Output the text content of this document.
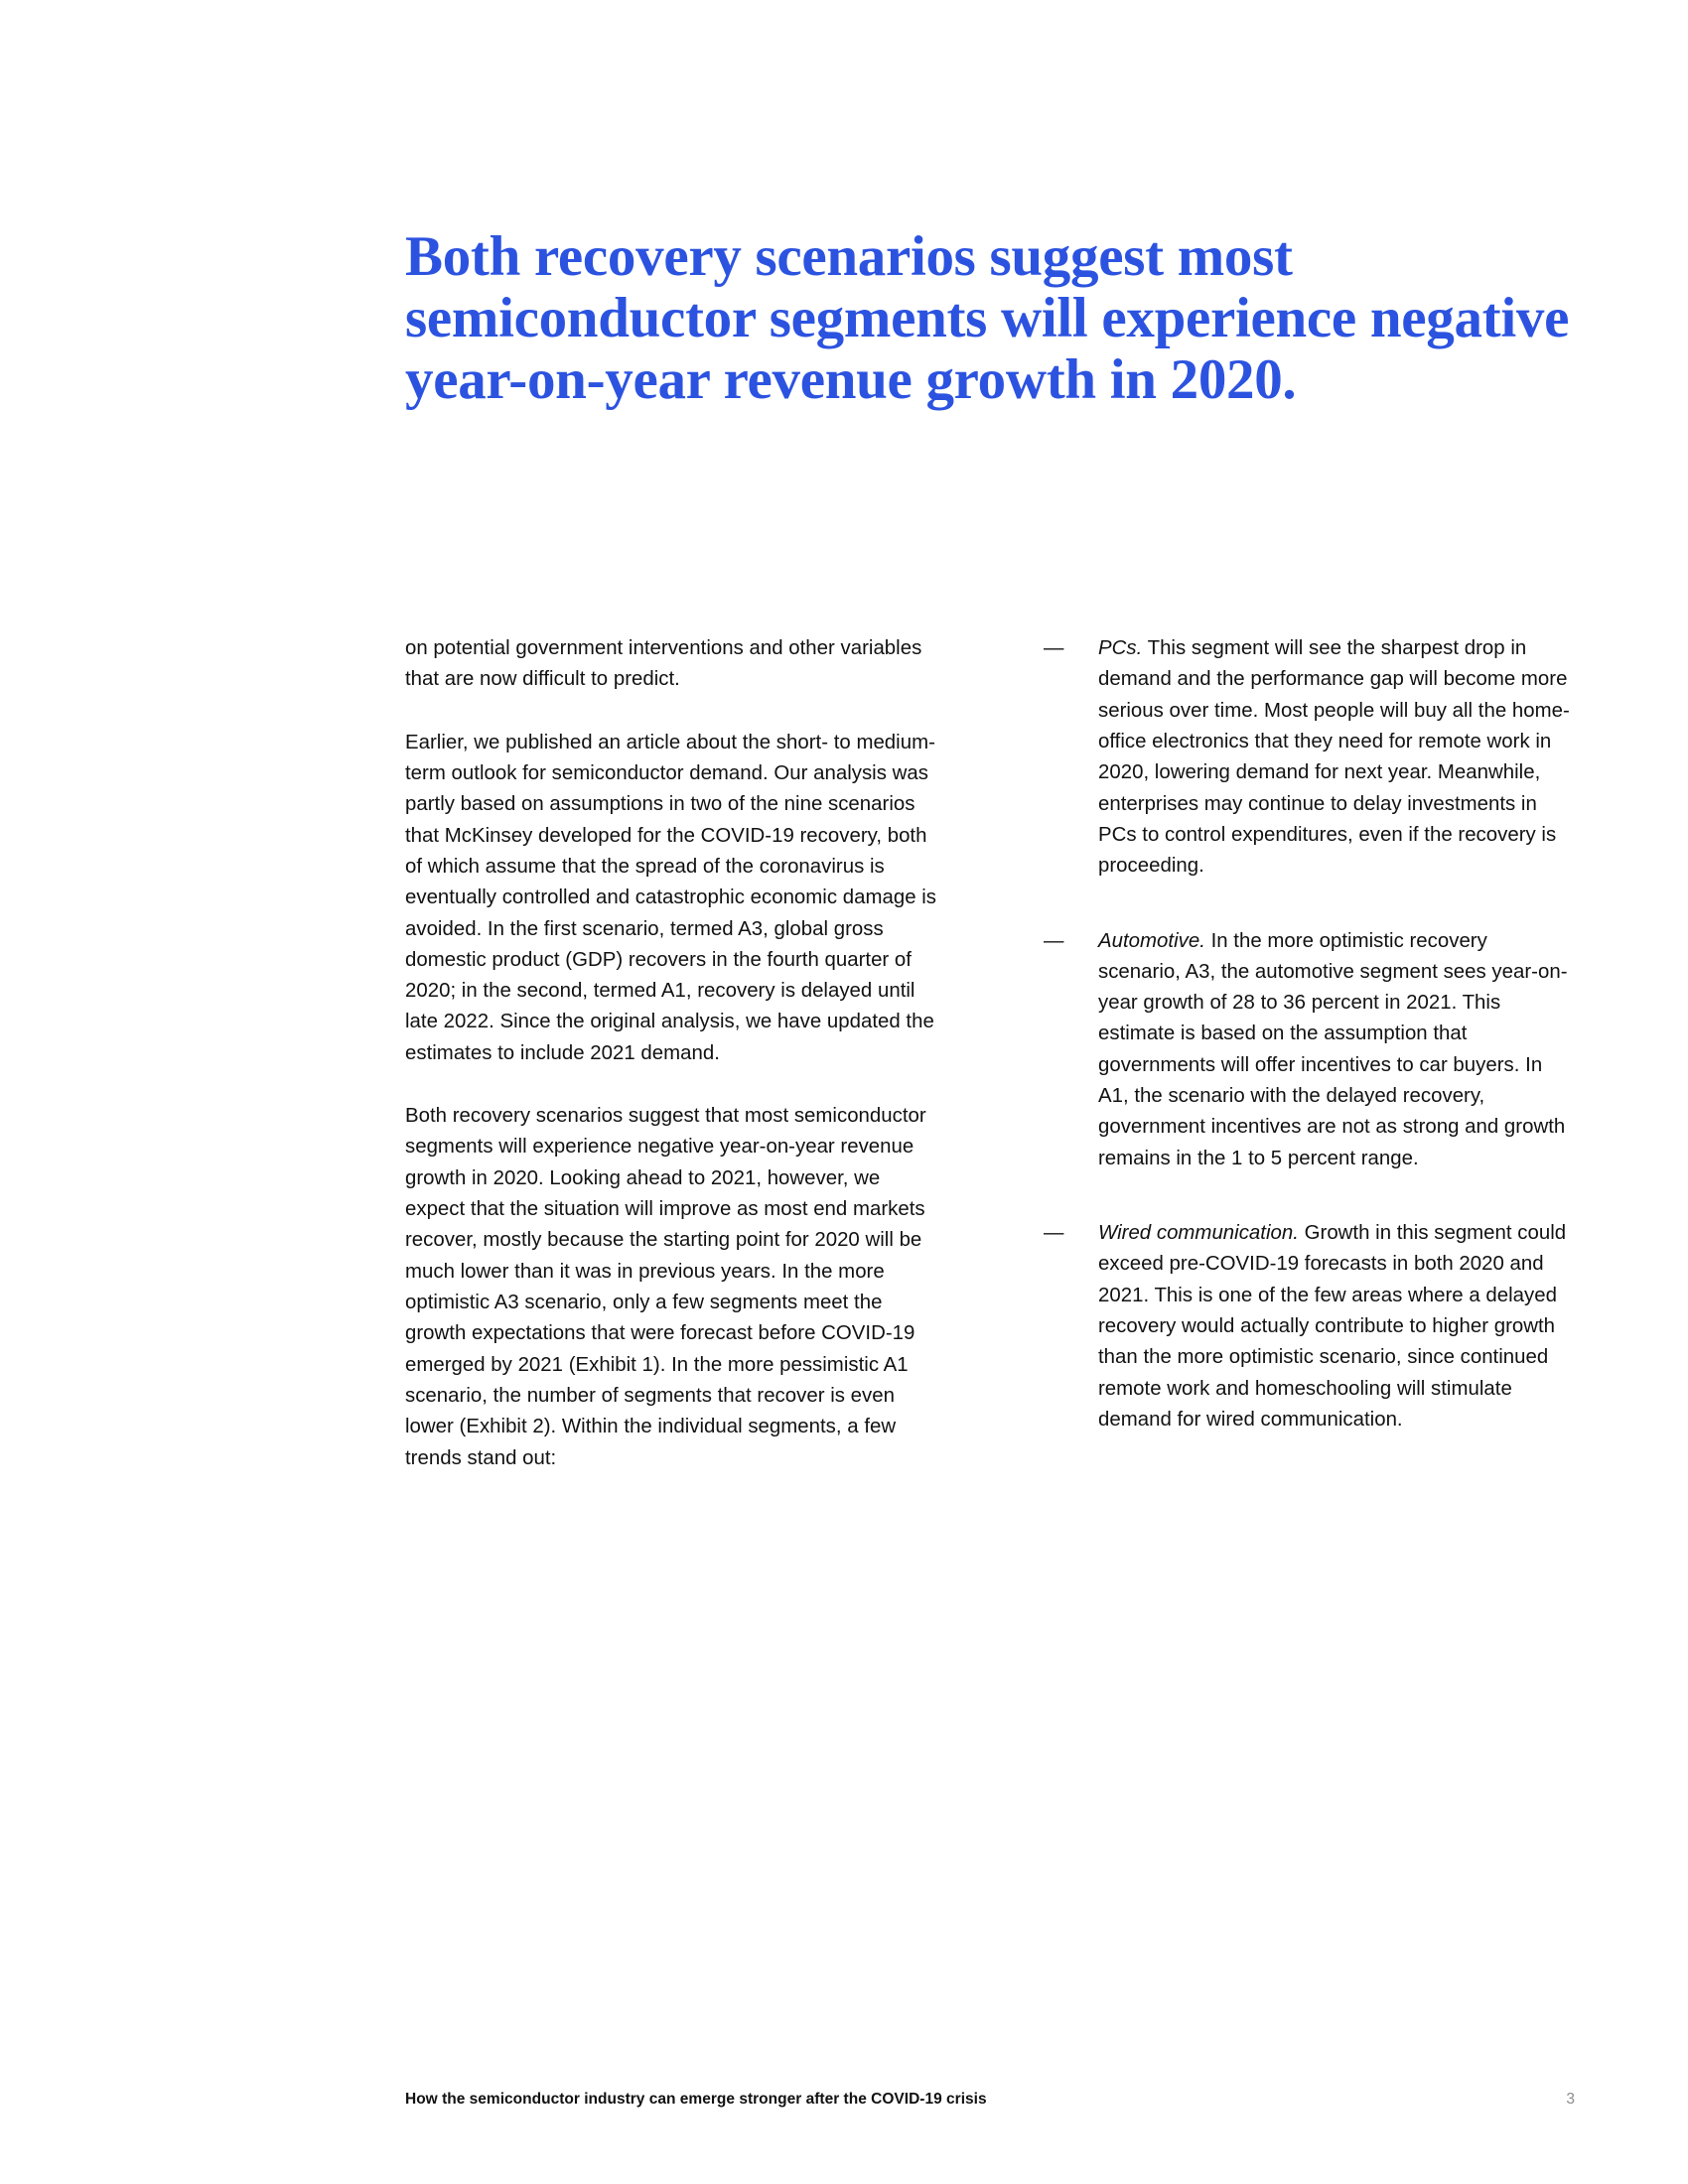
Both recovery scenarios suggest most semiconductor segments will experience negative year-on-year revenue growth in 2020.

on potential government interventions and other variables that are now difficult to predict.

Earlier, we published an article about the short- to medium-term outlook for semiconductor demand. Our analysis was partly based on assumptions in two of the nine scenarios that McKinsey developed for the COVID-19 recovery, both of which assume that the spread of the coronavirus is eventually controlled and catastrophic economic damage is avoided. In the first scenario, termed A3, global gross domestic product (GDP) recovers in the fourth quarter of 2020; in the second, termed A1, recovery is delayed until late 2022. Since the original analysis, we have updated the estimates to include 2021 demand.

Both recovery scenarios suggest that most semiconductor segments will experience negative year-on-year revenue growth in 2020. Looking ahead to 2021, however, we expect that the situation will improve as most end markets recover, mostly because the starting point for 2020 will be much lower than it was in previous years. In the more optimistic A3 scenario, only a few segments meet the growth expectations that were forecast before COVID-19 emerged by 2021 (Exhibit 1). In the more pessimistic A1 scenario, the number of segments that recover is even lower (Exhibit 2). Within the individual segments, a few trends stand out:

— PCs. This segment will see the sharpest drop in demand and the performance gap will become more serious over time. Most people will buy all the home-office electronics that they need for remote work in 2020, lowering demand for next year. Meanwhile, enterprises may continue to delay investments in PCs to control expenditures, even if the recovery is proceeding.
— Automotive. In the more optimistic recovery scenario, A3, the automotive segment sees year-on-year growth of 28 to 36 percent in 2021. This estimate is based on the assumption that governments will offer incentives to car buyers. In A1, the scenario with the delayed recovery, government incentives are not as strong and growth remains in the 1 to 5 percent range.
— Wired communication. Growth in this segment could exceed pre-COVID-19 forecasts in both 2020 and 2021. This is one of the few areas where a delayed recovery would actually contribute to higher growth than the more optimistic scenario, since continued remote work and homeschooling will stimulate demand for wired communication.
How the semiconductor industry can emerge stronger after the COVID-19 crisis	3
